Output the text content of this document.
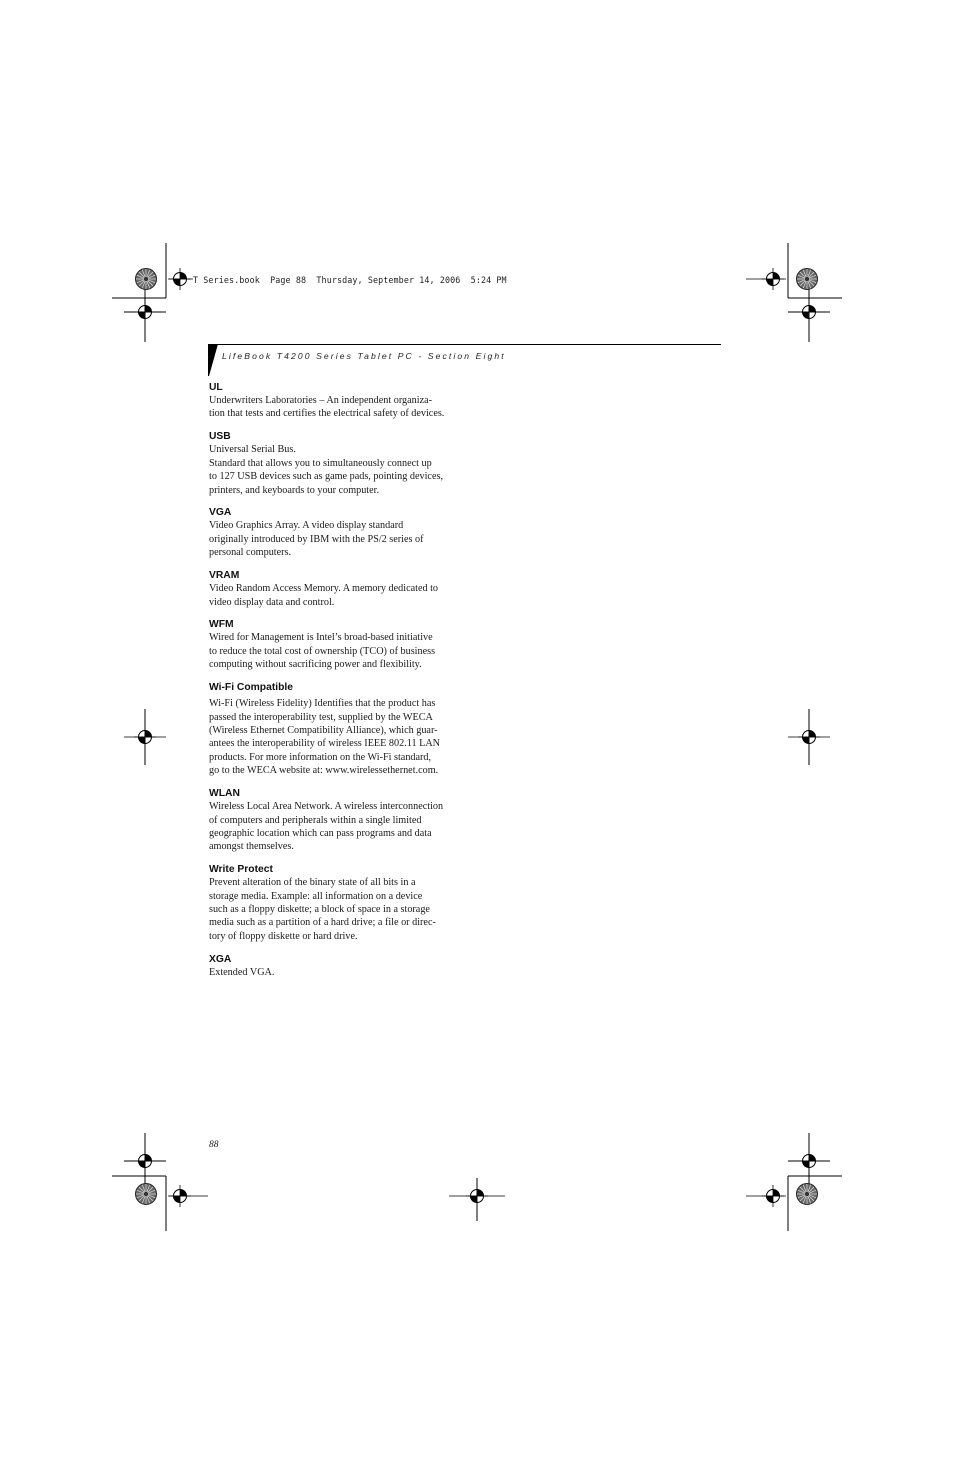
T Series.book  Page 88  Thursday, September 14, 2006  5:24 PM
LifeBook T4200 Series Tablet PC - Section Eight
UL
Underwriters Laboratories – An independent organiza-
tion that tests and certifies the electrical safety of devices.
USB
Universal Serial Bus.
Standard that allows you to simultaneously connect up
to 127 USB devices such as game pads, pointing devices,
printers, and keyboards to your computer.
VGA
Video Graphics Array. A video display standard
originally introduced by IBM with the PS/2 series of
personal computers.
VRAM
Video Random Access Memory. A memory dedicated to
video display data and control.
WFM
Wired for Management is Intel’s broad-based initiative
to reduce the total cost of ownership (TCO) of business
computing without sacrificing power and flexibility.
Wi-Fi Compatible
Wi-Fi (Wireless Fidelity) Identifies that the product has
passed the interoperability test, supplied by the WECA
(Wireless Ethernet Compatibility Alliance), which guar-
antees the interoperability of wireless IEEE 802.11 LAN
products. For more information on the Wi-Fi standard,
go to the WECA website at: www.wirelessethernet.com.
WLAN
Wireless Local Area Network. A wireless interconnection
of computers and peripherals within a single limited
geographic location which can pass programs and data
amongst themselves.
Write Protect
Prevent alteration of the binary state of all bits in a
storage media. Example: all information on a device
such as a floppy diskette; a block of space in a storage
media such as a partition of a hard drive; a file or direc-
tory of floppy diskette or hard drive.
XGA
Extended VGA.
88
